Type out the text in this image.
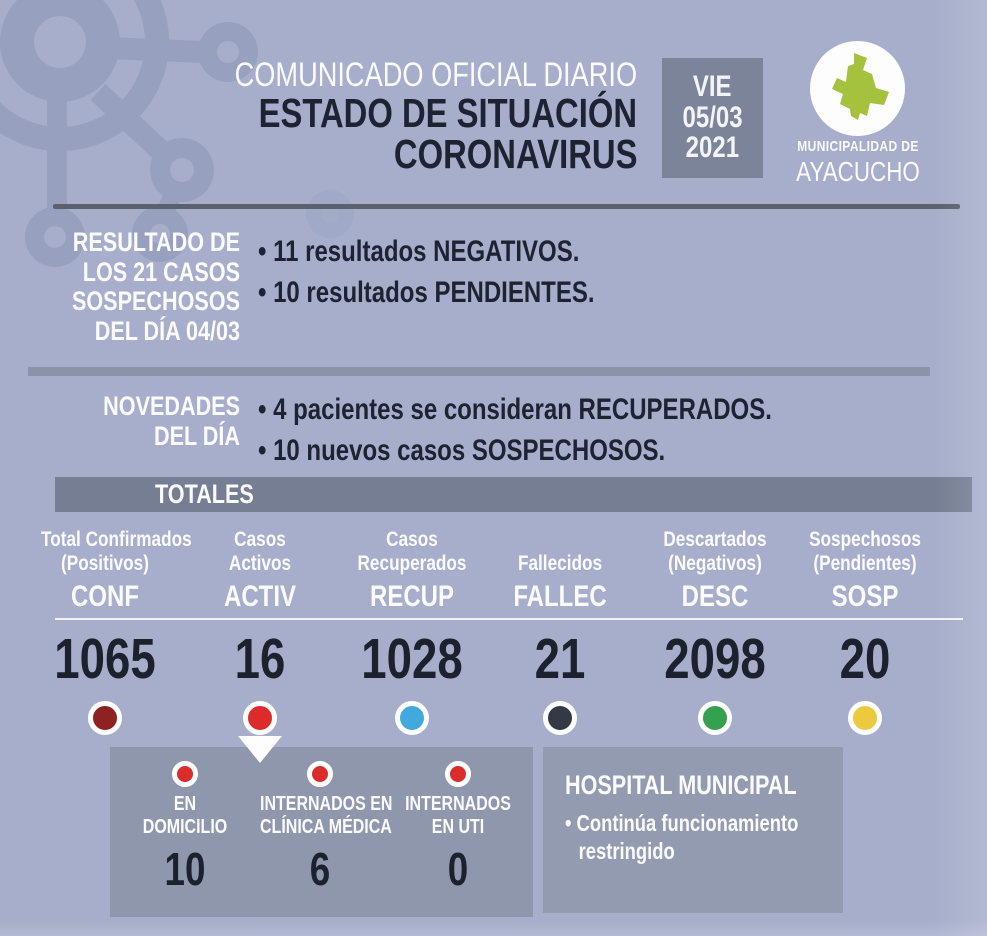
COMUNICADO OFICIAL DIARIO
ESTADO DE SITUACIÓN
CORONAVIRUS
VIE
05/03
2021	MUNICIPALIDAD DE
AYACUCHO
RESULTADO DE
LOS 21 CASOS
SOSPECHOSOS
DEL DÍA 04/03
• 11 resultados NEGATIVOS.
• 10 resultados PENDIENTES.
NOVEDADES
DEL DÍA
• 4 pacientes se consideran RECUPERADOS.
• 10 nuevos casos SOSPECHOSOS.
TOTALES
Total Confirmados
(Positivos)
CONF
1065
Casos
Activos
ACTIV
16
Casos
Recuperados
RECUP
1028
Fallecidos
FALLEC
21
Descartados
(Negativos)
DESC
2098
Sospechosos
(Pendientes)
SOSP
20
EN
DOMICILIO
10
INTERNADOS EN
CLÍNICA MÉDICA
6
INTERNADOS
EN UTI
0
HOSPITAL MUNICIPAL
• Continúa funcionamiento
restringido
